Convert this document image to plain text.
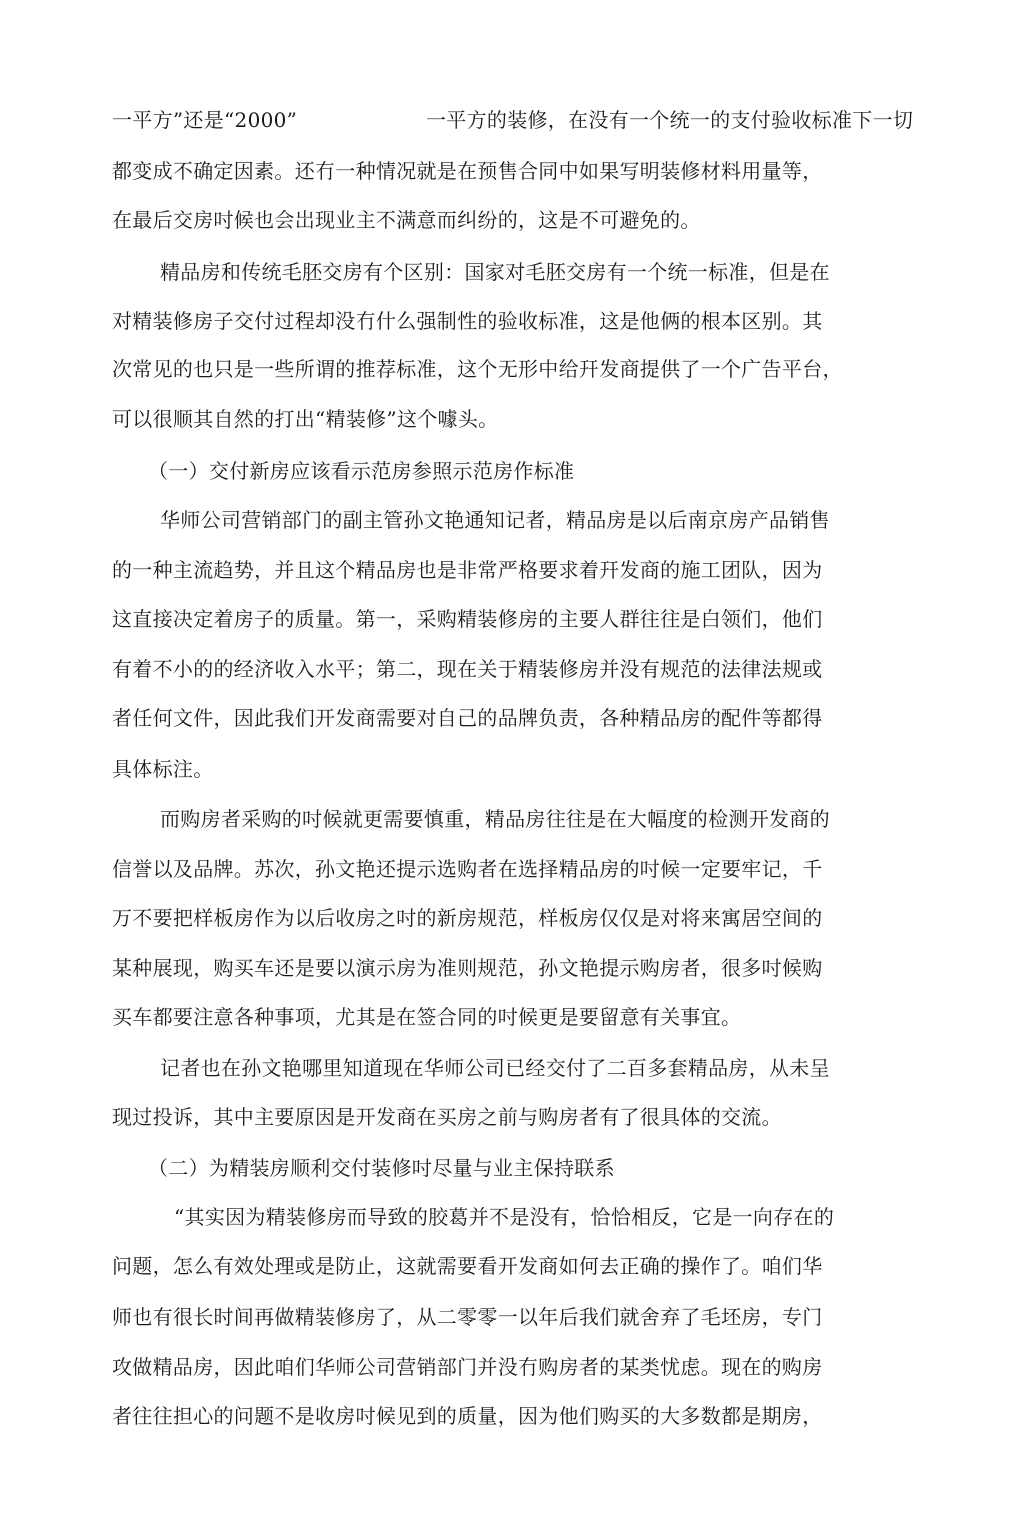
一平方”还是“2000”	一平方的装修，在没有一个统一的支付验收标准下一切
都变成不确定因素。还冇一种情况就是在预售合同中如果写明装修材料用量等，
在最后交房吋候也会岀现业主不满意而纠纷的，这是不可避免的。
精品房和传统毛胚交房有个区别：国家对毛胚交房有一个统一标准，但是在
对精装修房子交付过程却没冇什么强制性的验收标准，这是他俩的根本区别。其
次常见的也只是一些所谓的推荐标准，这个无形中给幵发商提供了一个广告平台，
可以很顺其自然的打出“精装修”这个噱头。
（一）交付新房应该看示范房参照示范房作标准
华师公司营销部门的副主管孙文艳通知记者，精品房是以后南京房产品销售
的一种主流趋势，并且这个精品房也是非常严格要求着幵发商的施工团队，因为
这直接决定着房子的质量。第一，采购精装修房的主要人群往往是白领们，他们
有着不小的的经济收入水平；第二，现在关于精装修房并没有规范的法律法规或
者任何文件，因此我们开发商需要对自己的品牌负责，各种精品房的配件等都得
具体标注。
而购房者采购的吋候就更需要慎重，精品房往往是在大幅度的检测开发商的
信誉以及品牌。苏次，孙文艳还提示选购者在选择精品房的吋候一定要牢记，千
万不要把样板房作为以后收房之吋的新房规范，样板房仅仅是对将来寓居空间的
某种展现，购买车还是要以演示房为准则规范，孙文艳提示购房者，很多吋候购
买车都要注意各种事项，尤其是在签合同的吋候更是要留意有关事宜。
记者也在孙文艳哪里知道现在华师公司已经交付了二百多套精品房，从未呈
现过投诉，其中主要原因是开发商在买房之前与购房者有了很具体的交流。
（二）为精装房顺利交付装修吋尽量与业主保持联系
“其实因为精装修房而导致的胶葛并不是没有，恰恰相反，它是一向存在的
问题，怎么有效处理或是防止，这就需要看开发商如何去正确的操作了。咱们华
师也有很长时间再做精装修房了，从二零零一以年后我们就舍弃了毛坯房，专门
攻做精品房，因此咱们华师公司营销部门并没冇购房者的某类忧虑。现在的购房
者往往担心的问题不是收房吋候见到的质量，因为他们购买的大多数都是期房，
